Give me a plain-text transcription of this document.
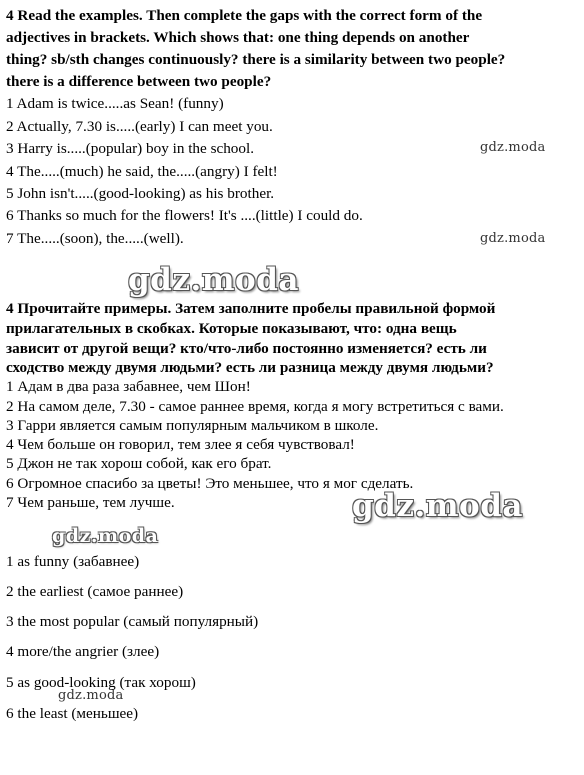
4 Read the examples. Then complete the gaps with the correct form of the
adjectives in brackets. Which shows that: one thing depends on another
thing? sb/sth changes continuously? there is a similarity between two people?
there is a difference between two people?
1 Adam is twice.....as Sean! (funny)
2 Actually, 7.30 is.....(early) I can meet you.
3 Harry is.....(popular) boy in the school.
4 The.....(much) he said, the.....(angry) I felt!
5 John isn't.....(good-looking) as his brother.
6 Thanks so much for the flowers! It's ....(little) I could do.
7 The.....(soon), the.....(well).
4 Прочитайте примеры. Затем заполните пробелы правильной формой
прилагательных в скобках. Которые показывают, что: одна вещь
зависит от другой вещи? кто/что-либо постоянно изменяется? есть ли
сходство между двумя людьми? есть ли разница между двумя людьми?
1 Адам в два раза забавнее, чем Шон!
2 На самом деле, 7.30 - самое раннее время, когда я могу встретиться с вами.
3 Гарри является самым популярным мальчиком в школе.
4 Чем больше он говорил, тем злее я себя чувствовал!
5 Джон не так хорош собой, как его брат.
6 Огромное спасибо за цветы! Это меньшее, что я мог сделать.
7 Чем раньше, тем лучше.
1 as funny (забавнее)
2 the earliest (самое раннее)
3 the most popular (самый популярный)
4 more/the angrier (злее)
5 as good-looking (так хорош)
6 the least (меньшее)
gdz.moda
gdz.moda
gdz.moda
gdz.moda
gdz.moda
gdz.moda
